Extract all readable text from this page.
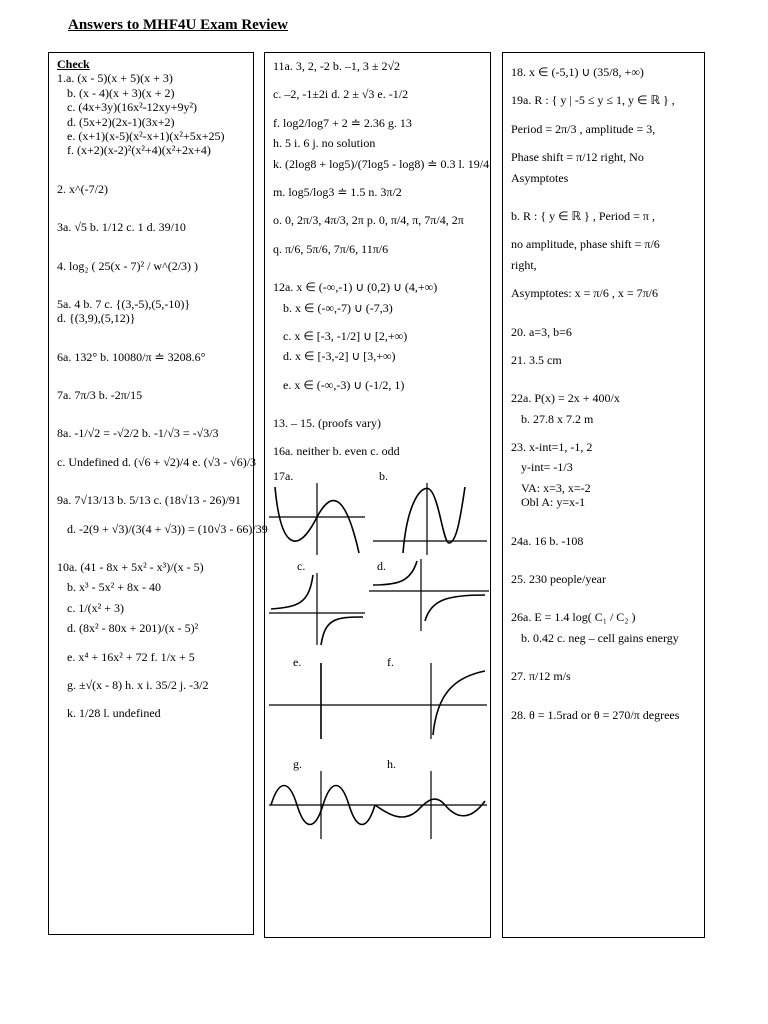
Answers to MHF4U Exam Review

Check

1.a. (x - 5)(x + 5)(x + 3)

b. (x - 4)(x + 3)(x + 2)

c. (4x+3y)(16x²-12xy+9y²)

d. (5x+2)(2x-1)(3x+2)

e. (x+1)(x-5)(x²-x+1)(x²+5x+25)

f. (x+2)(x-2)²(x²+4)(x²+2x+4)

2. x^(-7/2)

3a. √5 b. 1/12 c. 1 d. 39/10

4. log₂ ( 25(x - 7)² / w^(2/3) )

5a. 4 b. 7 c. {(3,-5),(5,-10)}

d. {(3,9),(5,12)}

6a. 132° b. 10080/π ≐ 3208.6°

7a. 7π/3 b. -2π/15

8a. -1/√2 = -√2/2 b. -1/√3 = -√3/3

c. Undefined d. (√6 + √2)/4 e. (√3 - √6)/3

9a. 7√13/13 b. 5/13 c. (18√13 - 26)/91

d. -2(9 + √3)/(3(4 + √3)) = (10√3 - 66)/39

10a. (41 - 8x + 5x² - x³)/(x - 5)

b. x³ - 5x² + 8x - 40

c. 1/(x² + 3)

d. (8x² - 80x + 201)/(x - 5)²

e. x⁴ + 16x² + 72 f. 1/x + 5

g. ±√(x - 8) h. x i. 35/2 j. -3/2

k. 1/28 l. undefined

11a. 3, 2, -2 b. –1, 3 ± 2√2

c. –2, -1±2i d. 2 ± √3 e. -1/2

f. log2/log7 + 2 ≐ 2.36 g. 13

h. 5 i. 6 j. no solution

k. (2log8 + log5)/(7log5 - log8) ≐ 0.3 l. 19/4

m. log5/log3 ≐ 1.5 n. 3π/2

o. 0, 2π/3, 4π/3, 2π p. 0, π/4, π, 7π/4, 2π

q. π/6, 5π/6, 7π/6, 11π/6

12a. x ∈ (-∞,-1) ∪ (0,2) ∪ (4,+∞)

b. x ∈ (-∞,-7) ∪ (-7,3)

c. x ∈ [-3, -1/2] ∪ [2,+∞)

d. x ∈ [-3,-2] ∪ [3,+∞)

e. x ∈ (-∞,-3) ∪ (-1/2, 1)

13. – 15. (proofs vary)

16a. neither b. even c. odd

17a.	b.
c.	d.
e.	f.
g.	h.

18. x ∈ (-5,1) ∪ (35/8, +∞)

19a. R : { y | -5 ≤ y ≤ 1, y ∈ ℝ } ,

Period = 2π/3 , amplitude = 3,

Phase shift = π/12 right, No

Asymptotes

b. R : { y ∈ ℝ } , Period = π ,

no amplitude, phase shift = π/6

right,

Asymptotes: x = π/6 , x = 7π/6

20. a=3, b=6

21. 3.5 cm

22a. P(x) = 2x + 400/x

b. 27.8 x 7.2 m

23. x-int=1, -1, 2

y-int= -1/3

VA: x=3, x=-2

Obl A: y=x-1

24a. 16 b. -108

25. 230 people/year

26a. E = 1.4 log( C₁ / C₂ )

b. 0.42 c. neg – cell gains energy

27. π/12 m/s

28. θ = 1.5rad or θ = 270/π degrees
